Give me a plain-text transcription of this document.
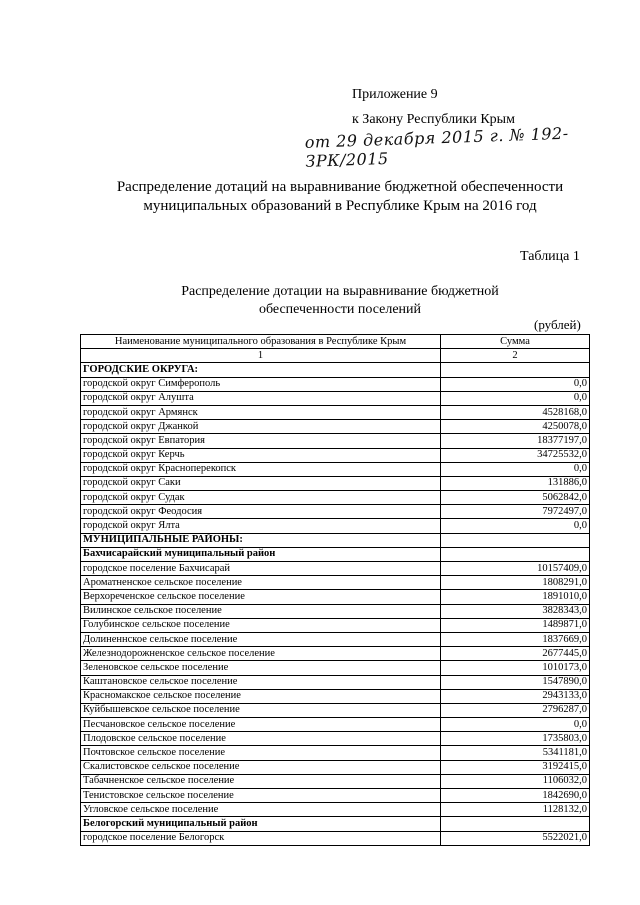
Приложение 9
к Закону Республики Крым
от 29 декабря 2015 г. № 192-ЗРК/2015
Распределение дотаций на выравнивание бюджетной обеспеченности муниципальных образований в Республике Крым на 2016 год
Таблица 1
Распределение дотации на выравнивание бюджетной обеспеченности поселений
(рублей)
Наименование муниципального образования в Республике Крым	Сумма
1	2
ГОРОДСКИЕ ОКРУГА:	
городской округ Симферополь	0,0
городской округ Алушта	0,0
городской округ Армянск	4528168,0
городской округ Джанкой	4250078,0
городской округ Евпатория	18377197,0
городской округ Керчь	34725532,0
городской округ Красноперекопск	0,0
городской округ Саки	131886,0
городской округ Судак	5062842,0
городской округ Феодосия	7972497,0
городской округ Ялта	0,0
МУНИЦИПАЛЬНЫЕ РАЙОНЫ:	
Бахчисарайский муниципальный район	
городское поселение Бахчисарай	10157409,0
Ароматненское сельское поселение	1808291,0
Верхореченское сельское поселение	1891010,0
Вилинское сельское поселение	3828343,0
Голубинское сельское поселение	1489871,0
Долиненнское сельское поселение	1837669,0
Железнодорожненское сельское поселение	2677445,0
Зеленовское сельское поселение	1010173,0
Каштановское сельское поселение	1547890,0
Красномакское сельское поселение	2943133,0
Куйбышевское сельское поселение	2796287,0
Песчановское сельское поселение	0,0
Плодовское сельское поселение	1735803,0
Почтовское сельское поселение	5341181,0
Скалистовское сельское поселение	3192415,0
Табачненское сельское поселение	1106032,0
Тенистовское сельское поселение	1842690,0
Угловское сельское поселение	1128132,0
Белогорский муниципальный район	
городское поселение Белогорск	5522021,0
